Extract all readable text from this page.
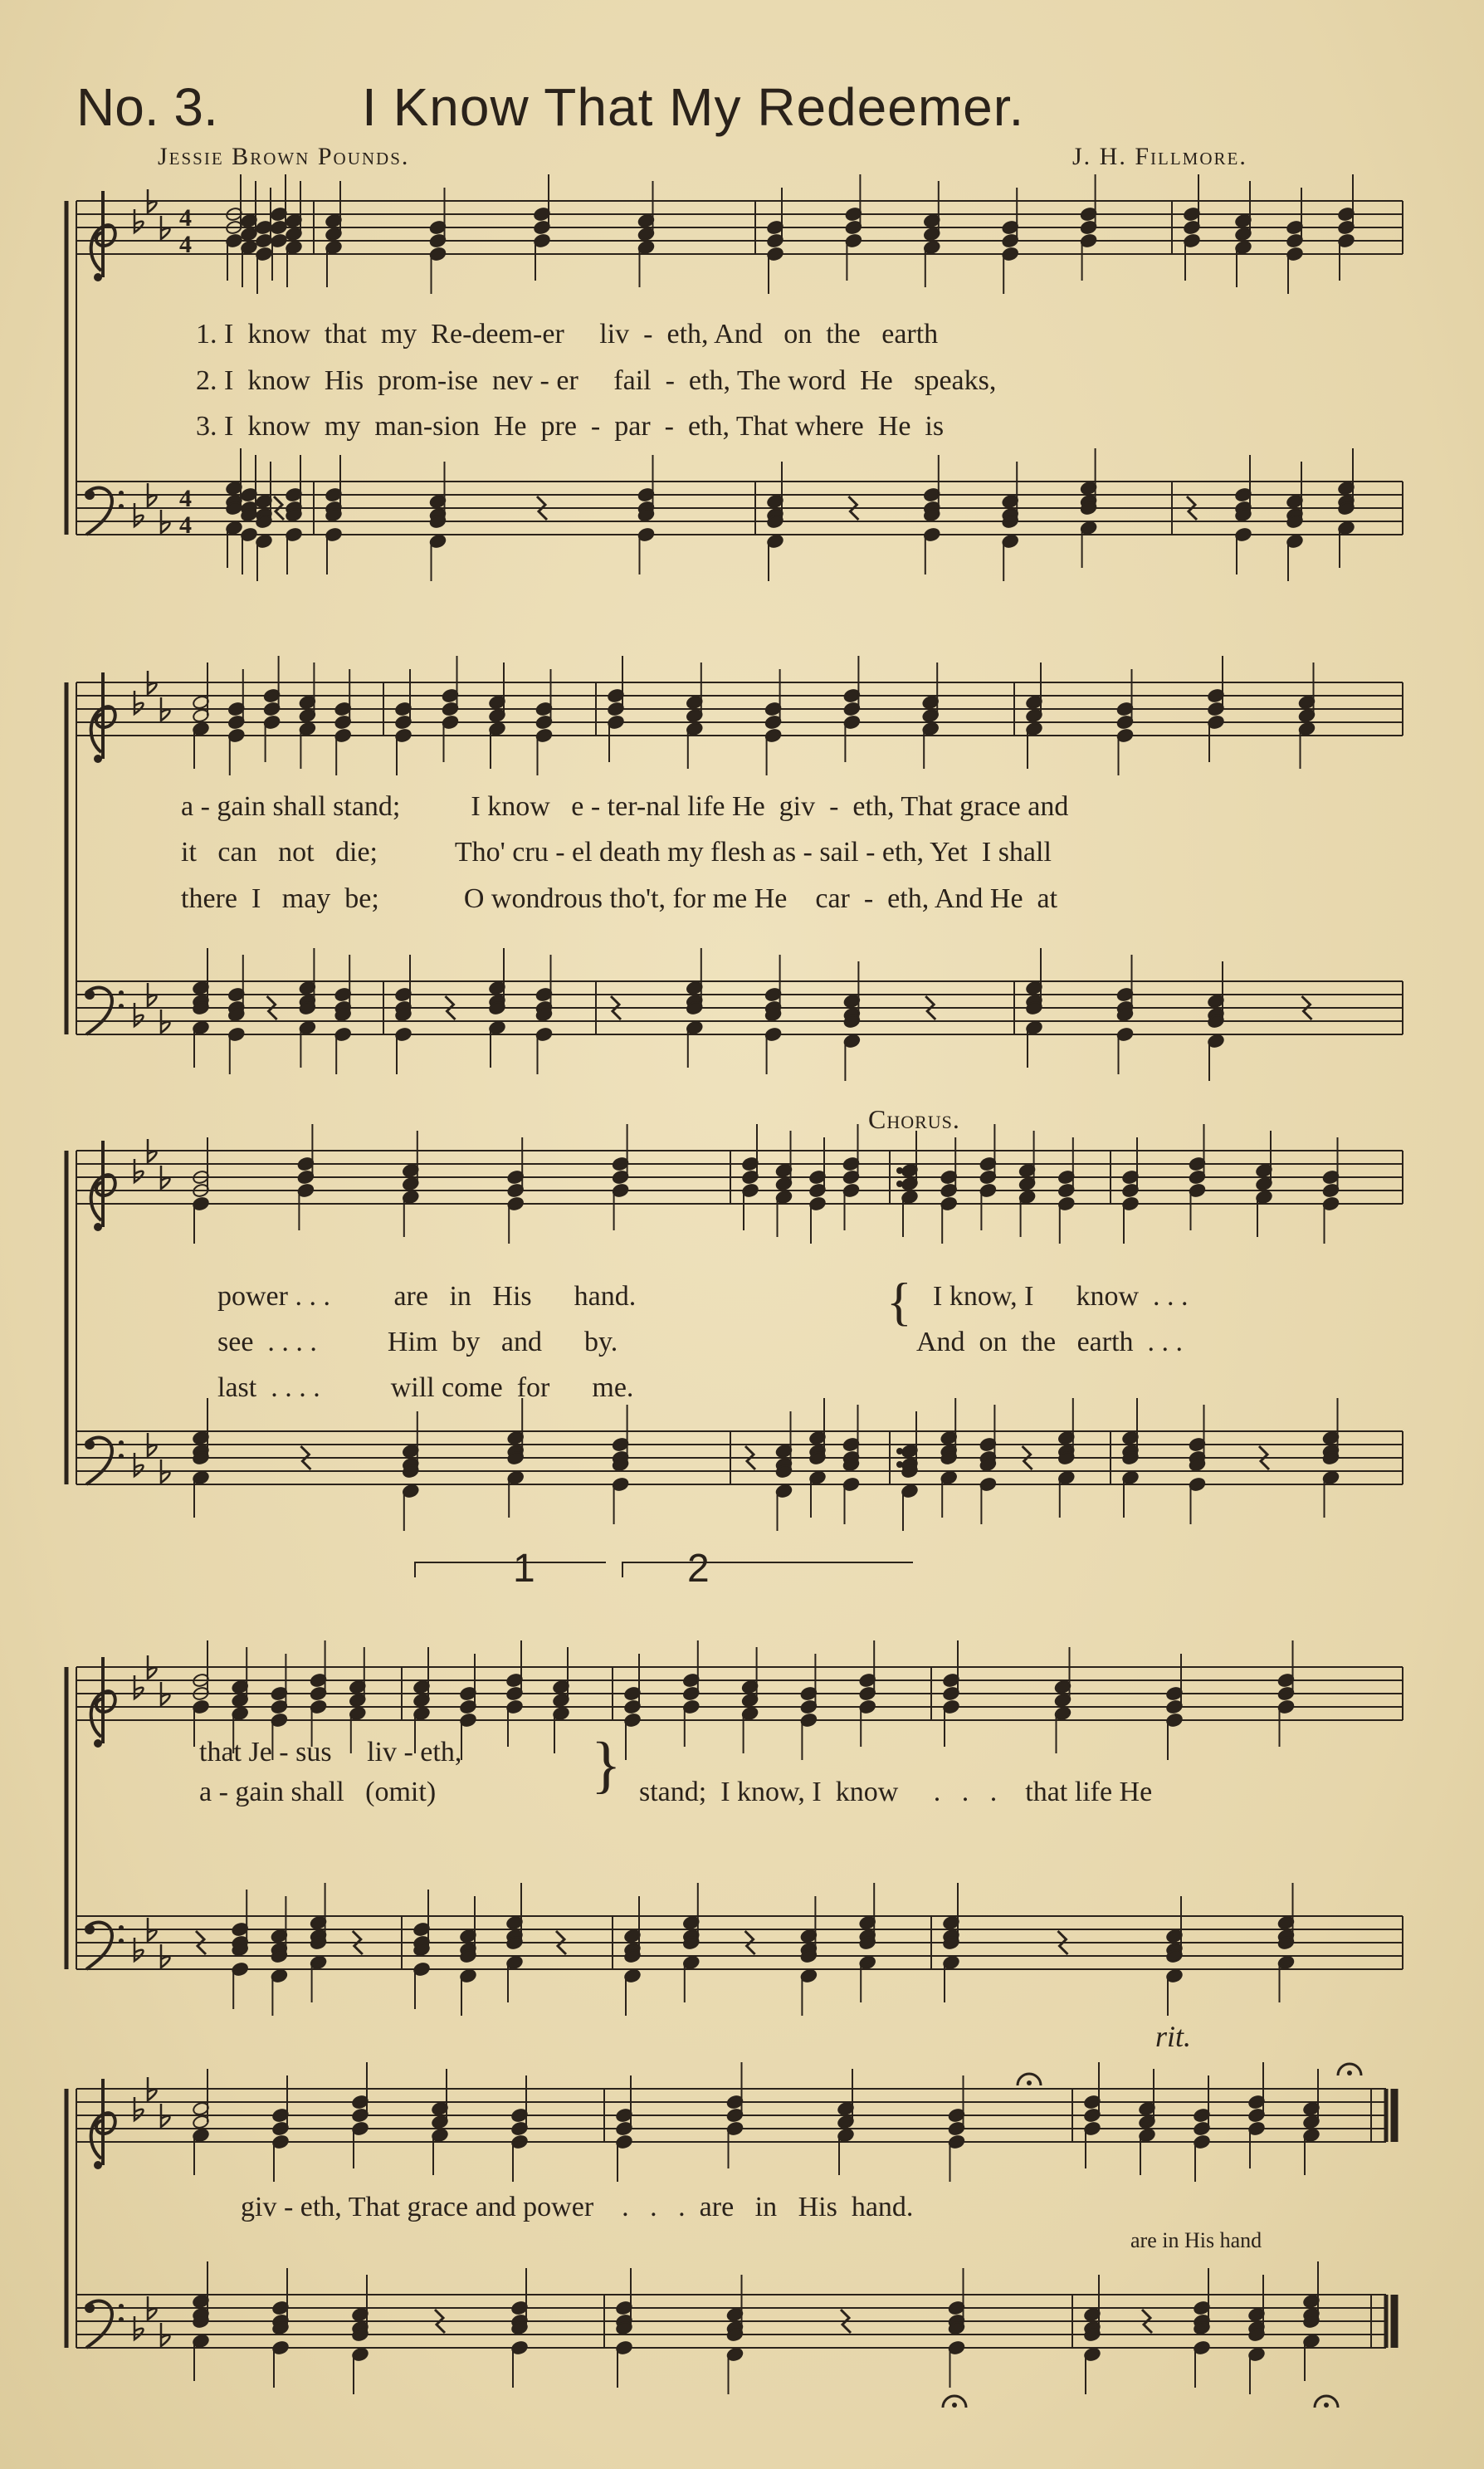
No. 3.	I Know That My Redeemer.
Jessie Brown Pounds.	J. H. Fillmore.
4
4
4
4
1. I  know  that  my  Re-deem-er     liv  -  eth, And   on  the   earth
2. I  know  His  prom-ise  nev - er     fail  -  eth, The word  He   speaks,
3. I  know  my  man-sion  He  pre  -  par  -  eth, That where  He  is
a - gain shall stand;          I know   e - ter-nal life He  giv  -  eth, That grace and
it   can   not   die;           Tho' cru - el death my flesh as - sail - eth, Yet  I shall
there  I   may  be;            O wondrous tho't, for me He    car  -  eth, And He  at
Chorus.
power . . .         are   in   His      hand.
see  . . . .          Him  by   and      by.
last  . . . .          will come  for      me.
{ I know, I      know  . . .
And  on  the   earth  . . .
1	2
that Je - sus     liv - eth,
a - gain shall   (omit) } stand;  I know, I  know     .   .   .    that life He
rit.
giv - eth, That grace and power    .   .   .  are   in   His  hand.
are in His hand
